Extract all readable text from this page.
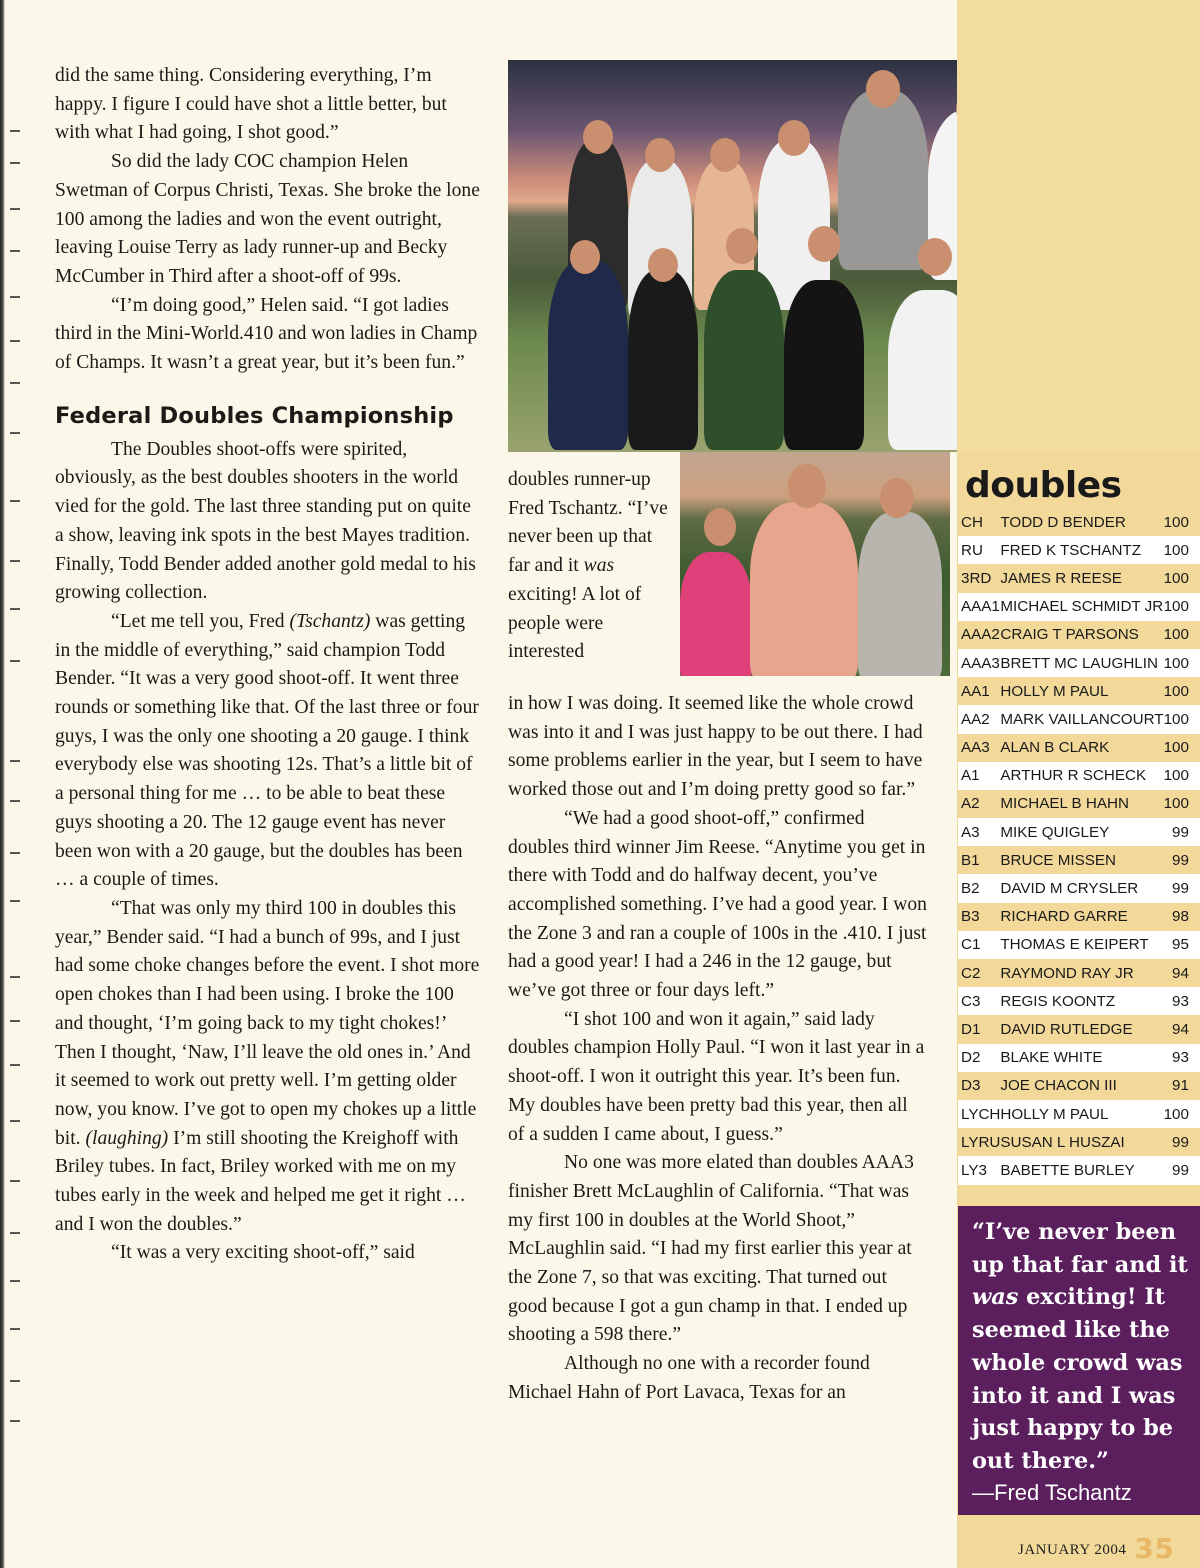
did the same thing. Considering everything, I’m happy. I figure I could have shot a little better, but with what I had going, I shot good.”

So did the lady COC champion Helen Swetman of Corpus Christi, Texas. She broke the lone 100 among the ladies and won the event outright, leaving Louise Terry as lady runner-up and Becky McCumber in Third after a shoot-off of 99s.

“I’m doing good,” Helen said. “I got ladies third in the Mini-World.410 and won ladies in Champ of Champs. It wasn’t a great year, but it’s been fun.”

Federal Doubles Championship

The Doubles shoot-offs were spirited, obviously, as the best doubles shooters in the world vied for the gold. The last three standing put on quite a show, leaving ink spots in the best Mayes tradition. Finally, Todd Bender added another gold medal to his growing collection.

“Let me tell you, Fred (Tschantz) was getting in the middle of everything,” said champion Todd Bender. “It was a very good shoot-off. It went three rounds or something like that. Of the last three or four guys, I was the only one shooting a 20 gauge. I think everybody else was shooting 12s. That’s a little bit of a personal thing for me … to be able to beat these guys shooting a 20. The 12 gauge event has never been won with a 20 gauge, but the doubles has been … a couple of times.

“That was only my third 100 in doubles this year,” Bender said. “I had a bunch of 99s, and I just had some choke changes before the event. I shot more open chokes than I had been using. I broke the 100 and thought, ‘I’m going back to my tight chokes!’ Then I thought, ‘Naw, I’ll leave the old ones in.’ And it seemed to work out pretty well. I’m getting older now, you know. I’ve got to open my chokes up a little bit. (laughing) I’m still shooting the Kreighoff with Briley tubes. In fact, Briley worked with me on my tubes early in the week and helped me get it right … and I won the doubles.”

“It was a very exciting shoot-off,” said

doubles runner-up Fred Tschantz. “I’ve never been up that far and it was exciting! A lot of people were interested

in how I was doing. It seemed like the whole crowd was into it and I was just happy to be out there. I had some problems earlier in the year, but I seem to have worked those out and I’m doing pretty good so far.”

“We had a good shoot-off,” confirmed doubles third winner Jim Reese. “Anytime you get in there with Todd and do halfway decent, you’ve accomplished something. I’ve had a good year. I won the Zone 3 and ran a couple of 100s in the .410. I just had a good year! I had a 246 in the 12 gauge, but we’ve got three or four days left.”

“I shot 100 and won it again,” said lady doubles champion Holly Paul. “I won it last year in a shoot-off. I won it outright this year. It’s been fun. My doubles have been pretty bad this year, then all of a sudden I came about, I guess.”

No one was more elated than doubles AAA3 finisher Brett McLaughlin of California. “That was my first 100 in doubles at the World Shoot,” McLaughlin said. “I had my first earlier this year at the Zone 7, so that was exciting. That turned out good because I got a gun champ in that. I ended up shooting a 598 there.”

Although no one with a recorder found Michael Hahn of Port Lavaca, Texas for an

doubles
CH	TODD D BENDER	100
RU	FRED K TSCHANTZ	100
3RD	JAMES R REESE	100
AAA1	MICHAEL SCHMIDT JR	100
AAA2	CRAIG T PARSONS	100
AAA3	BRETT MC LAUGHLIN	100
AA1	HOLLY M PAUL	100
AA2	MARK VAILLANCOURT	100
AA3	ALAN B CLARK	100
A1	ARTHUR R SCHECK	100
A2	MICHAEL B HAHN	100
A3	MIKE QUIGLEY	99
B1	BRUCE MISSEN	99
B2	DAVID M CRYSLER	99
B3	RICHARD GARRE	98
C1	THOMAS E KEIPERT	95
C2	RAYMOND RAY JR	94
C3	REGIS KOONTZ	93
D1	DAVID RUTLEDGE	94
D2	BLAKE WHITE	93
D3	JOE CHACON III	91
LYCH	HOLLY M PAUL	100
LYRU	SUSAN L HUSZAI	99
LY3	BABETTE BURLEY	99

“I’ve never been up that far and it was exciting! It seemed like the whole crowd was into it and I was just happy to be out there.”

—Fred Tschantz

JANUARY 2004 35
